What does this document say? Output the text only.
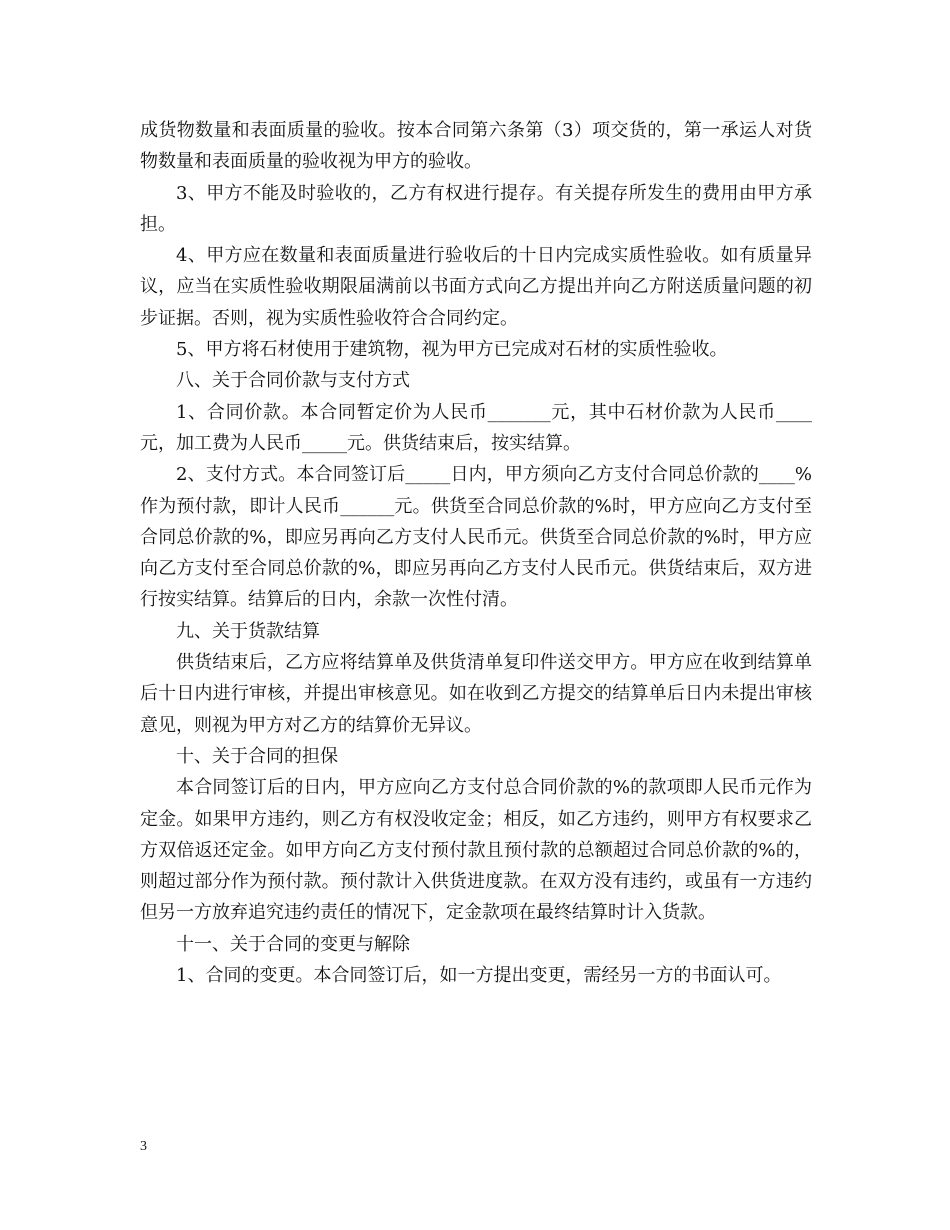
成货物数量和表面质量的验收。按本合同第六条第（3）项交货的，第一承运人对货物数量和表面质量的验收视为甲方的验收。

3、甲方不能及时验收的，乙方有权进行提存。有关提存所发生的费用由甲方承担。

4、甲方应在数量和表面质量进行验收后的十日内完成实质性验收。如有质量异议，应当在实质性验收期限届满前以书面方式向乙方提出并向乙方附送质量问题的初步证据。否则，视为实质性验收符合合同约定。

5、甲方将石材使用于建筑物，视为甲方已完成对石材的实质性验收。

八、关于合同价款与支付方式

1、合同价款。本合同暂定价为人民币_______元，其中石材价款为人民币____元，加工费为人民币_____元。供货结束后，按实结算。

2、支付方式。本合同签订后_____日内，甲方须向乙方支付合同总价款的____%作为预付款，即计人民币______元。供货至合同总价款的%时，甲方应向乙方支付至合同总价款的%，即应另再向乙方支付人民币元。供货至合同总价款的%时，甲方应向乙方支付至合同总价款的%，即应另再向乙方支付人民币元。供货结束后，双方进行按实结算。结算后的日内，余款一次性付清。

九、关于货款结算

供货结束后，乙方应将结算单及供货清单复印件送交甲方。甲方应在收到结算单后十日内进行审核，并提出审核意见。如在收到乙方提交的结算单后日内未提出审核意见，则视为甲方对乙方的结算价无异议。

十、关于合同的担保

本合同签订后的日内，甲方应向乙方支付总合同价款的%的款项即人民币元作为定金。如果甲方违约，则乙方有权没收定金；相反，如乙方违约，则甲方有权要求乙方双倍返还定金。如甲方向乙方支付预付款且预付款的总额超过合同总价款的%的，则超过部分作为预付款。预付款计入供货进度款。在双方没有违约，或虽有一方违约但另一方放弃追究违约责任的情况下，定金款项在最终结算时计入货款。

十一、关于合同的变更与解除

1、合同的变更。本合同签订后，如一方提出变更，需经另一方的书面认可。

3
